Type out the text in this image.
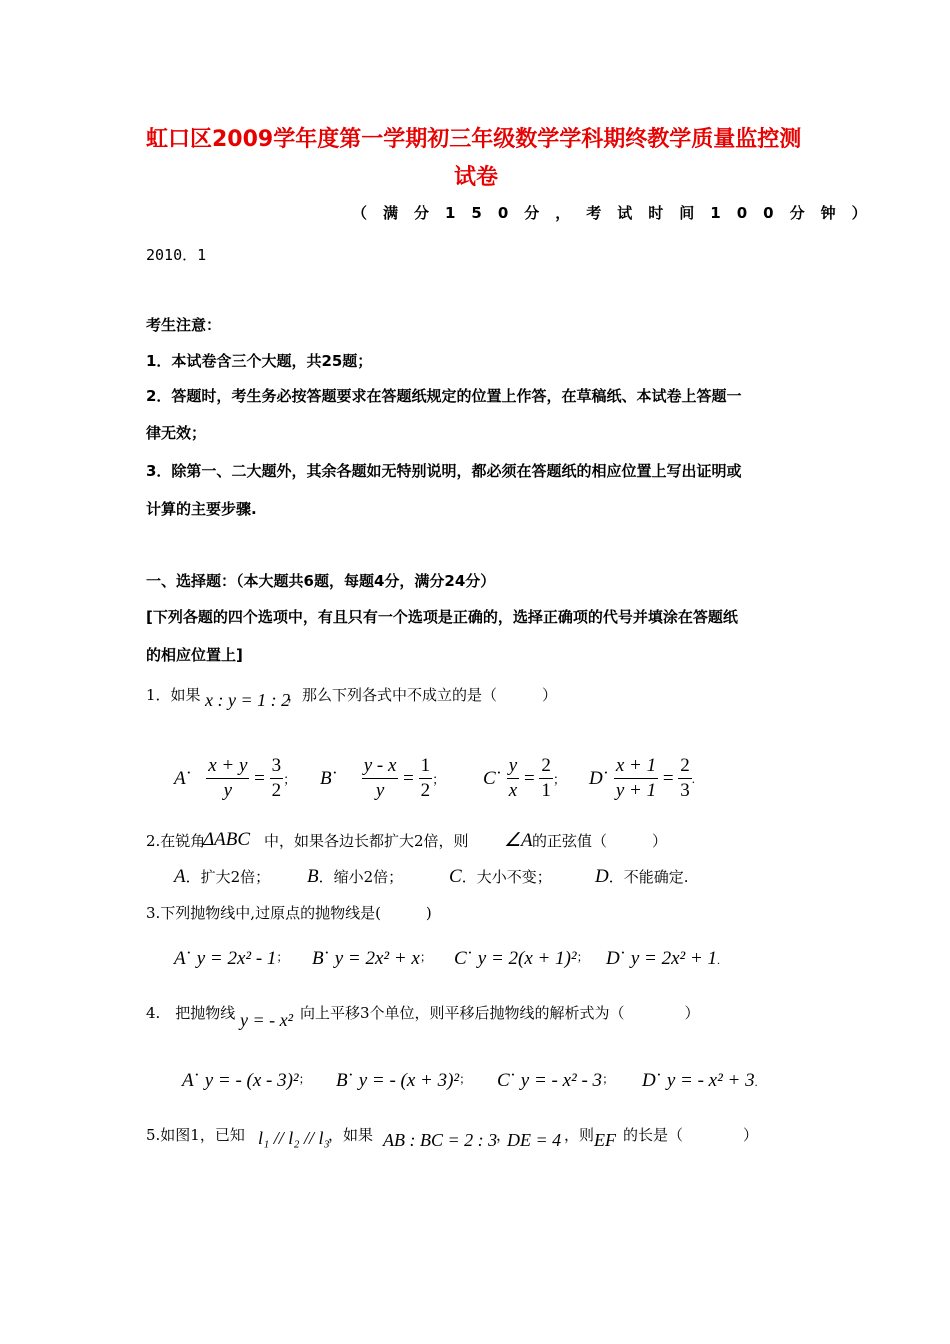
虹口区2009学年度第一学期初三年级数学学科期终教学质量监控测
试卷
（满分150分，考试时间100分钟）
2010．1
考生注意：
1．本试卷含三个大题，共25题；
2．答题时，考生务必按答题要求在答题纸规定的位置上作答，在草稿纸、本试卷上答题一
律无效；
3．除第一、二大题外，其余各题如无特别说明，都必须在答题纸的相应位置上写出证明或
计算的主要步骤.
一、选择题：（本大题共6题，每题4分，满分24分）
[下列各题的四个选项中，有且只有一个选项是正确的，选择正确项的代号并填涂在答题纸
的相应位置上]
1．如果 x : y = 1 : 2
，那么下列各式中不成立的是（　　　）
A ˙
$\frac{x + y}{y} = \frac{3}{2}$ ； B ˙
$\frac{y - x}{y} = \frac{1}{2}$ ； C ˙
$\frac{y}{x} = \frac{2}{1}$ ； D ˙
$\frac{x + 1}{y + 1} = \frac{2}{3}$ .
2.在锐角
ΔABC 中，如果各边长都扩大2倍，则 ∠A 的正弦值（　　　）
A．扩大2倍； B．缩小2倍； C．大小不变； D．不能确定.
3.下列抛物线中,过原点的抛物线是(　　　)
A˙ y = 2x² - 1； B˙ y = 2x² + x； C˙ y = 2(x + 1)²； D˙ y = 2x² + 1.
4.　把抛物线 y = - x² 向上平移3个单位，则平移后抛物线的解析式为（　　　　）
A˙ y = - (x - 3)²； B˙ y = - (x + 3)²； C˙ y = - x² - 3； D˙ y = - x² + 3.
5.如图1，已知 l₁ // l₂ // l₃
，如果 AB : BC = 2 : 3
，
DE = 4 ，则 EF 的长是（　　　　）
